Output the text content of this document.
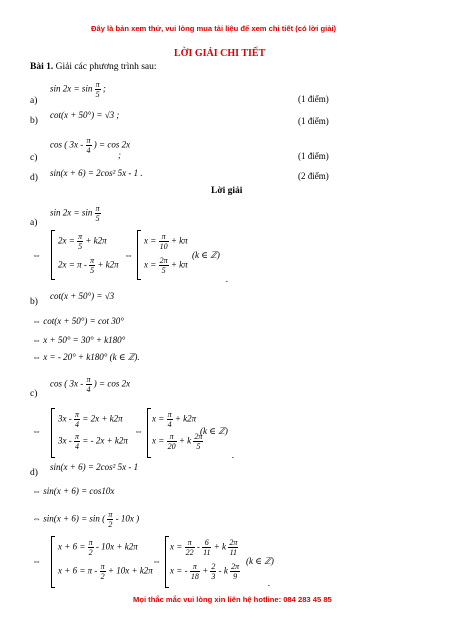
Đây là bản xem thử, vui lòng mua tài liệu để xem chi tiết (có lời giải)
LỜI GIẢI CHI TIẾT
Bài 1. Giải các phương trình sau:
$\sin 2x = \sin \frac{\pi}{5}$ ;
a)	(1 điểm)
cot(x + 50°) = √3 ;
b)	(1 điểm)
cos ( $3x - \frac{\pi}{4}$ ) = cos 2x
;
c)	(1 điểm)
sin(x + 6) = 2cos² 5x - 1 .
d)	(2 điểm)
Lời giải
$\sin 2x = \sin \frac{\pi}{5}$
a)
⇔
$2x = \frac{\pi}{5} + k2\pi$
$2x = \pi - \frac{\pi}{5} + k2\pi$
⇔
$x = \frac{\pi}{10} + k\pi$
$x = \frac{2\pi}{5} + k\pi$
(k ∈ ℤ)
.
cot(x + 50°) = √3
b)
⇔ cot(x + 50°) = cot 30°
⇔ x + 50° = 30° + k180°
⇔ x = - 20° + k180° (k ∈ ℤ).
cos ( $3x - \frac{\pi}{4}$ ) = cos 2x
c)
⇔
$3x - \frac{\pi}{4} = 2x + k2\pi$
$3x - \frac{\pi}{4}$ = - 2x + k2π
⇔
$x = \frac{\pi}{4} + k2\pi$
$x = \frac{\pi}{20} + k \frac{2\pi}{5}$
(k ∈ ℤ)
.
sin(x + 6) = 2cos² 5x - 1
d)
⇔ sin(x + 6) = cos10x
⇔ sin(x + 6) = sin ( $\frac{\pi}{2} - 10x$ )
⇔
$x + 6 = \frac{\pi}{2} - 10x + k2\pi$
$x + 6 = \pi - \frac{\pi}{2} + 10x + k2\pi$
⇔
$x = \frac{\pi}{22} - \frac{6}{11} + k \frac{2\pi}{11}$
x = - $\frac{\pi}{18} + \frac{2}{3} - k \frac{2\pi}{9}$
(k ∈ ℤ)
.
Mọi thắc mắc vui lòng xin liên hệ hotline: 084 283 45 85
